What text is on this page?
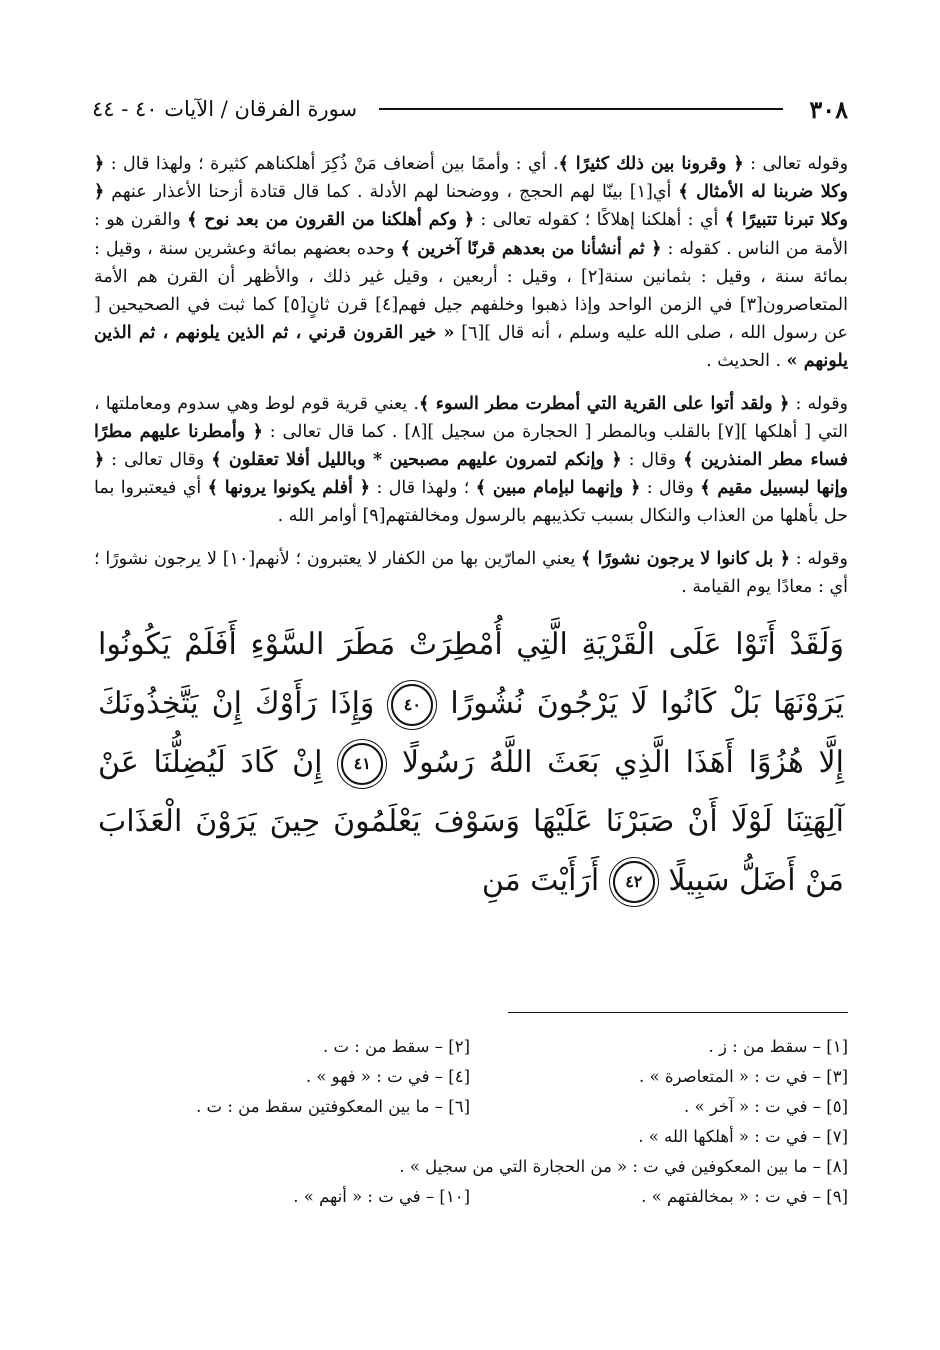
٣٠٨
سورة الفرقان / الآيات ٤٠ - ٤٤

وقوله تعالى : ﴿ وقرونا بين ذلك كثيرًا ﴾. أي : وأممًا بين أضعاف مَنْ ذُكِرَ أهلكناهم كثيرة ؛ ولهذا قال : ﴿ وكلا ضربنا له الأمثال ﴾ أي[١] بينّا لهم الحجج ، ووضحنا لهم الأدلة . كما قال قتادة أزحنا الأعذار عنهم ﴿ وكلا تبرنا تتبيرًا ﴾ أي : أهلكنا إهلاكًا ؛ كقوله تعالى : ﴿ وكم أهلكنا من القرون من بعد نوح ﴾ والقرن هو : الأمة من الناس . كقوله : ﴿ ثم أنشأنا من بعدهم قرنًا آخرين ﴾ وحده بعضهم بمائة وعشرين سنة ، وقيل : بمائة سنة ، وقيل : بثمانين سنة[٢] ، وقيل : أربعين ، وقيل غير ذلك ، والأظهر أن القرن هم الأمة المتعاصرون[٣] في الزمن الواحد وإذا ذهبوا وخلفهم جيل فهم[٤] قرن ثانٍ[٥] كما ثبت في الصحيحين [ عن رسول الله ، صلى الله عليه وسلم ، أنه قال ][٦] « خير القرون قرني ، ثم الذين يلونهم ، ثم الذين يلونهم » . الحديث .

وقوله : ﴿ ولقد أتوا على القرية التي أمطرت مطر السوء ﴾. يعني قرية قوم لوط وهي سدوم ومعاملتها ، التي [ أهلكها ][٧] بالقلب وبالمطر [ الحجارة من سجيل ][٨] . كما قال تعالى : ﴿ وأمطرنا عليهم مطرًا فساء مطر المنذرين ﴾ وقال : ﴿ وإنكم لتمرون عليهم مصبحين * وبالليل أفلا تعقلون ﴾ وقال تعالى : ﴿ وإنها لبسبيل مقيم ﴾ وقال : ﴿ وإنهما لبإمام مبين ﴾ ؛ ولهذا قال : ﴿ أفلم يكونوا يرونها ﴾ أي فيعتبروا بما حل بأهلها من العذاب والنكال بسبب تكذيبهم بالرسول ومخالفتهم[٩] أوامر الله .

وقوله : ﴿ بل كانوا لا يرجون نشورًا ﴾ يعني المارّين بها من الكفار لا يعتبرون ؛ لأنهم[١٠] لا يرجون نشورًا ؛ أي : معادًا يوم القيامة .

وَلَقَدْ أَتَوْا عَلَى الْقَرْيَةِ الَّتِي أُمْطِرَتْ مَطَرَ السَّوْءِ أَفَلَمْ يَكُونُوا يَرَوْنَهَا بَلْ كَانُوا لَا يَرْجُونَ نُشُورًا ٤٠ وَإِذَا رَأَوْكَ إِنْ يَتَّخِذُونَكَ إِلَّا هُزُوًا أَهَذَا الَّذِي بَعَثَ اللَّهُ رَسُولًا ٤١ إِنْ كَادَ لَيُضِلُّنَا عَنْ آلِهَتِنَا لَوْلَا أَنْ صَبَرْنَا عَلَيْهَا وَسَوْفَ يَعْلَمُونَ حِينَ يَرَوْنَ الْعَذَابَ مَنْ أَضَلُّ سَبِيلًا ٤٢ أَرَأَيْتَ مَنِ
[١] – سقط من : ز .
[٢] – سقط من : ت .
[٣] – في ت : « المتعاصرة » .
[٤] – في ت : « فهو » .
[٥] – في ت : « آخر » .
[٦] – ما بين المعكوفتين سقط من : ت .
[٧] – في ت : « أهلكها الله » .
[٨] – ما بين المعكوفين في ت : « من الحجارة التي من سجيل » .
[٩] – في ت : « بمخالفتهم » .
[١٠] – في ت : « أنهم » .
